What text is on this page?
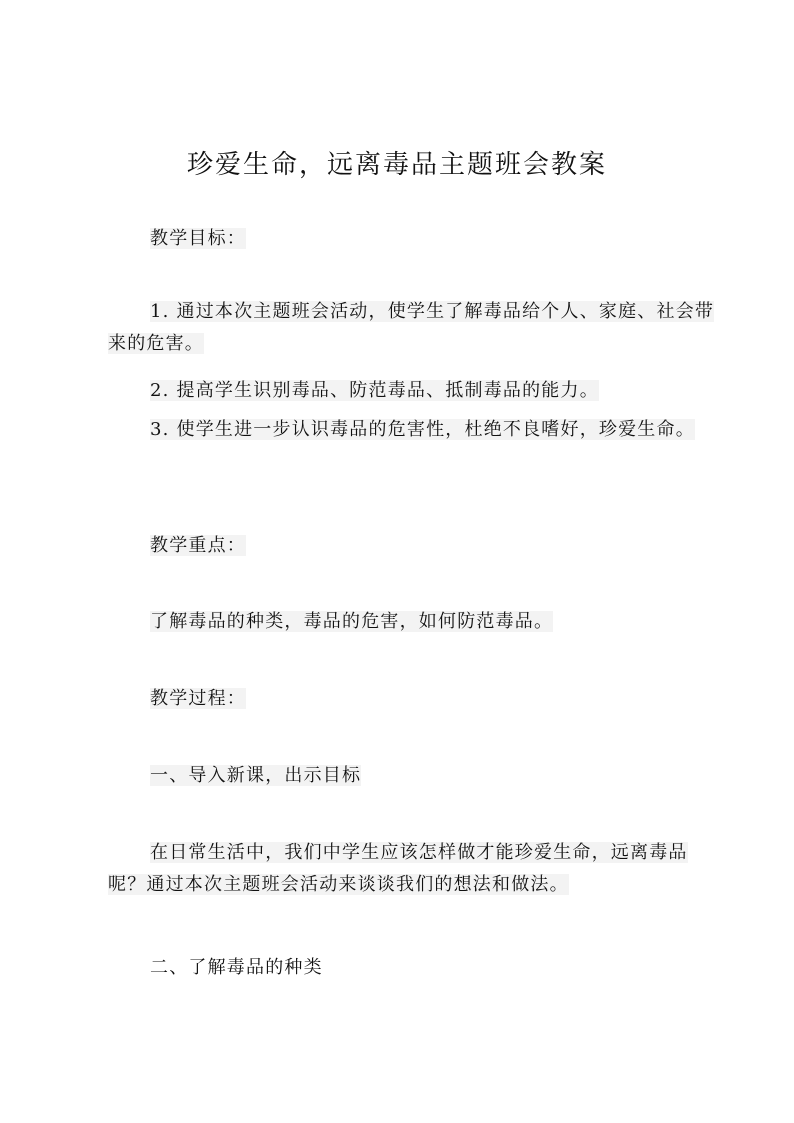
珍爱生命，远离毒品主题班会教案
教学目标：
1. 通过本次主题班会活动，使学生了解毒品给个人、家庭、社会带来的危害。
2. 提高学生识别毒品、防范毒品、抵制毒品的能力。
3. 使学生进一步认识毒品的危害性，杜绝不良嗜好，珍爱生命。
教学重点：
了解毒品的种类，毒品的危害，如何防范毒品。
教学过程：
一、导入新课，出示目标
在日常生活中，我们中学生应该怎样做才能珍爱生命，远离毒品呢？通过本次主题班会活动来谈谈我们的想法和做法。
二、了解毒品的种类
